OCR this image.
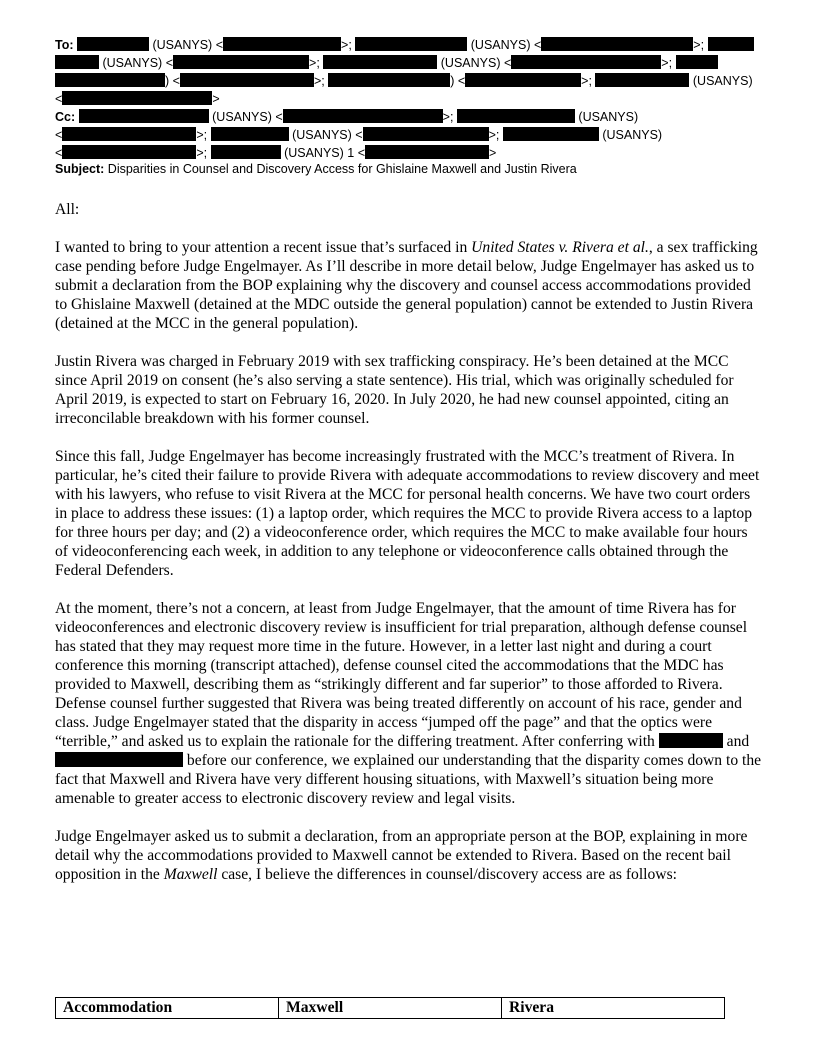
To:	(USANYS) <	>;	(USANYS) <	>;
(USANYS) <	>;	(USANYS) <	>;
) <	>;	) <	>;	(USANYS)
<	>
Cc:	(USANYS) <	>;	(USANYS)
<	>;	(USANYS) <	>;	(USANYS)
<	>;	(USANYS) 1 <	>
Subject: Disparities in Counsel and Discovery Access for Ghislaine Maxwell and Justin Rivera

All:

I wanted to bring to your attention a recent issue that’s surfaced in United States v. Rivera et al., a sex trafficking case pending before Judge Engelmayer. As I’ll describe in more detail below, Judge Engelmayer has asked us to submit a declaration from the BOP explaining why the discovery and counsel access accommodations provided to Ghislaine Maxwell (detained at the MDC outside the general population) cannot be extended to Justin Rivera (detained at the MCC in the general population).

Justin Rivera was charged in February 2019 with sex trafficking conspiracy. He’s been detained at the MCC since April 2019 on consent (he’s also serving a state sentence). His trial, which was originally scheduled for April 2019, is expected to start on February 16, 2020. In July 2020, he had new counsel appointed, citing an irreconcilable breakdown with his former counsel.

Since this fall, Judge Engelmayer has become increasingly frustrated with the MCC’s treatment of Rivera. In particular, he’s cited their failure to provide Rivera with adequate accommodations to review discovery and meet with his lawyers, who refuse to visit Rivera at the MCC for personal health concerns. We have two court orders in place to address these issues: (1) a laptop order, which requires the MCC to provide Rivera access to a laptop for three hours per day; and (2) a videoconference order, which requires the MCC to make available four hours of videoconferencing each week, in addition to any telephone or videoconference calls obtained through the Federal Defenders.

At the moment, there’s not a concern, at least from Judge Engelmayer, that the amount of time Rivera has for videoconferences and electronic discovery review is insufficient for trial preparation, although defense counsel has stated that they may request more time in the future. However, in a letter last night and during a court conference this morning (transcript attached), defense counsel cited the accommodations that the MDC has provided to Maxwell, describing them as “strikingly different and far superior” to those afforded to Rivera. Defense counsel further suggested that Rivera was being treated differently on account of his race, gender and class. Judge Engelmayer stated that the disparity in access “jumped off the page” and that the optics were “terrible,” and asked us to explain the rationale for the differing treatment. After conferring with	and  before our conference, we explained our understanding that the disparity comes down to the fact that Maxwell and Rivera have very different housing situations, with Maxwell’s situation being more amenable to greater access to electronic discovery review and legal visits.

Judge Engelmayer asked us to submit a declaration, from an appropriate person at the BOP, explaining in more detail why the accommodations provided to Maxwell cannot be extended to Rivera. Based on the recent bail opposition in the Maxwell case, I believe the differences in counsel/discovery access are as follows:

Accommodation	Maxwell	Rivera
